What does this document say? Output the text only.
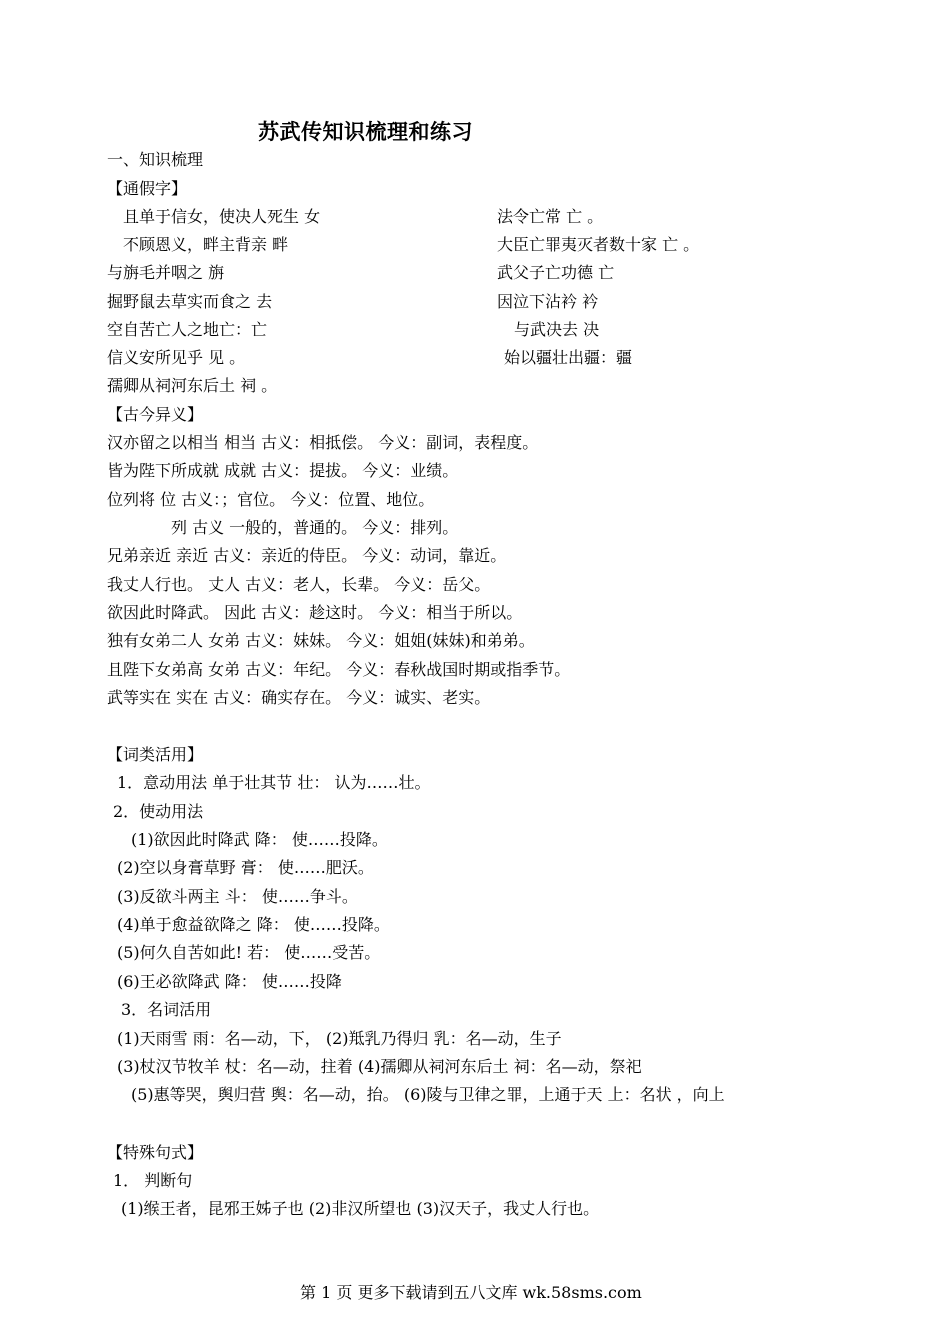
苏武传知识梳理和练习
一、知识梳理
【通假字】
且单于信女，使决人死生 女
不顾恩义，畔主背亲 畔
与旃毛并咽之 旃
掘野鼠去草实而食之 去
空自苦亡人之地亡：亡
信义安所见乎 见 。
孺卿从祠河东后土 祠 。
法令亡常 亡 。
大臣亡罪夷灭者数十家 亡 。
武父子亡功德 亡
因泣下沾衿 衿
与武决去 决
始以疆壮出疆：疆
【古今异义】
汉亦留之以相当 相当 古义：相抵偿。 今义：副词，表程度。
皆为陛下所成就 成就 古义：提拔。 今义：业绩。
位列将 位 古义：；官位。 今义：位置、地位。
列 古义 一般的，普通的。 今义：排列。
兄弟亲近 亲近 古义：亲近的侍臣。 今义：动词，靠近。
我丈人行也。 丈人 古义：老人，长辈。 今义：岳父。
欲因此时降武。 因此 古义：趁这时。 今义：相当于所以。
独有女弟二人 女弟 古义：妹妹。 今义：姐姐(妹妹)和弟弟。
且陛下女弟高 女弟 古义：年纪。 今义：春秋战国时期或指季节。
武等实在 实在 古义：确实存在。 今义：诚实、老实。
【词类活用】
1．意动用法 单于壮其节 壮： 认为……壮。
2．使动用法
(1)欲因此时降武 降： 使……投降。
(2)空以身膏草野 膏： 使……肥沃。
(3)反欲斗两主 斗： 使……争斗。
(4)单于愈益欲降之 降： 使……投降。
(5)何久自苦如此! 若： 使……受苦。
(6)王必欲降武 降： 使……投降
3．名词活用
(1)天雨雪 雨：名—动，下， (2)羝乳乃得归 乳：名—动，生子
(3)杖汉节牧羊 杖：名—动，拄着 (4)孺卿从祠河东后土 祠：名—动，祭祀
(5)惠等哭，舆归营 舆：名—动，抬。 (6)陵与卫律之罪，上通于天 上：名状 ，向上
【特殊句式】
1． 判断句
(1)缑王者，昆邪王姊子也 (2)非汉所望也 (3)汉天子，我丈人行也。
第 1 页 更多下载请到五八文库 wk.58sms.com
